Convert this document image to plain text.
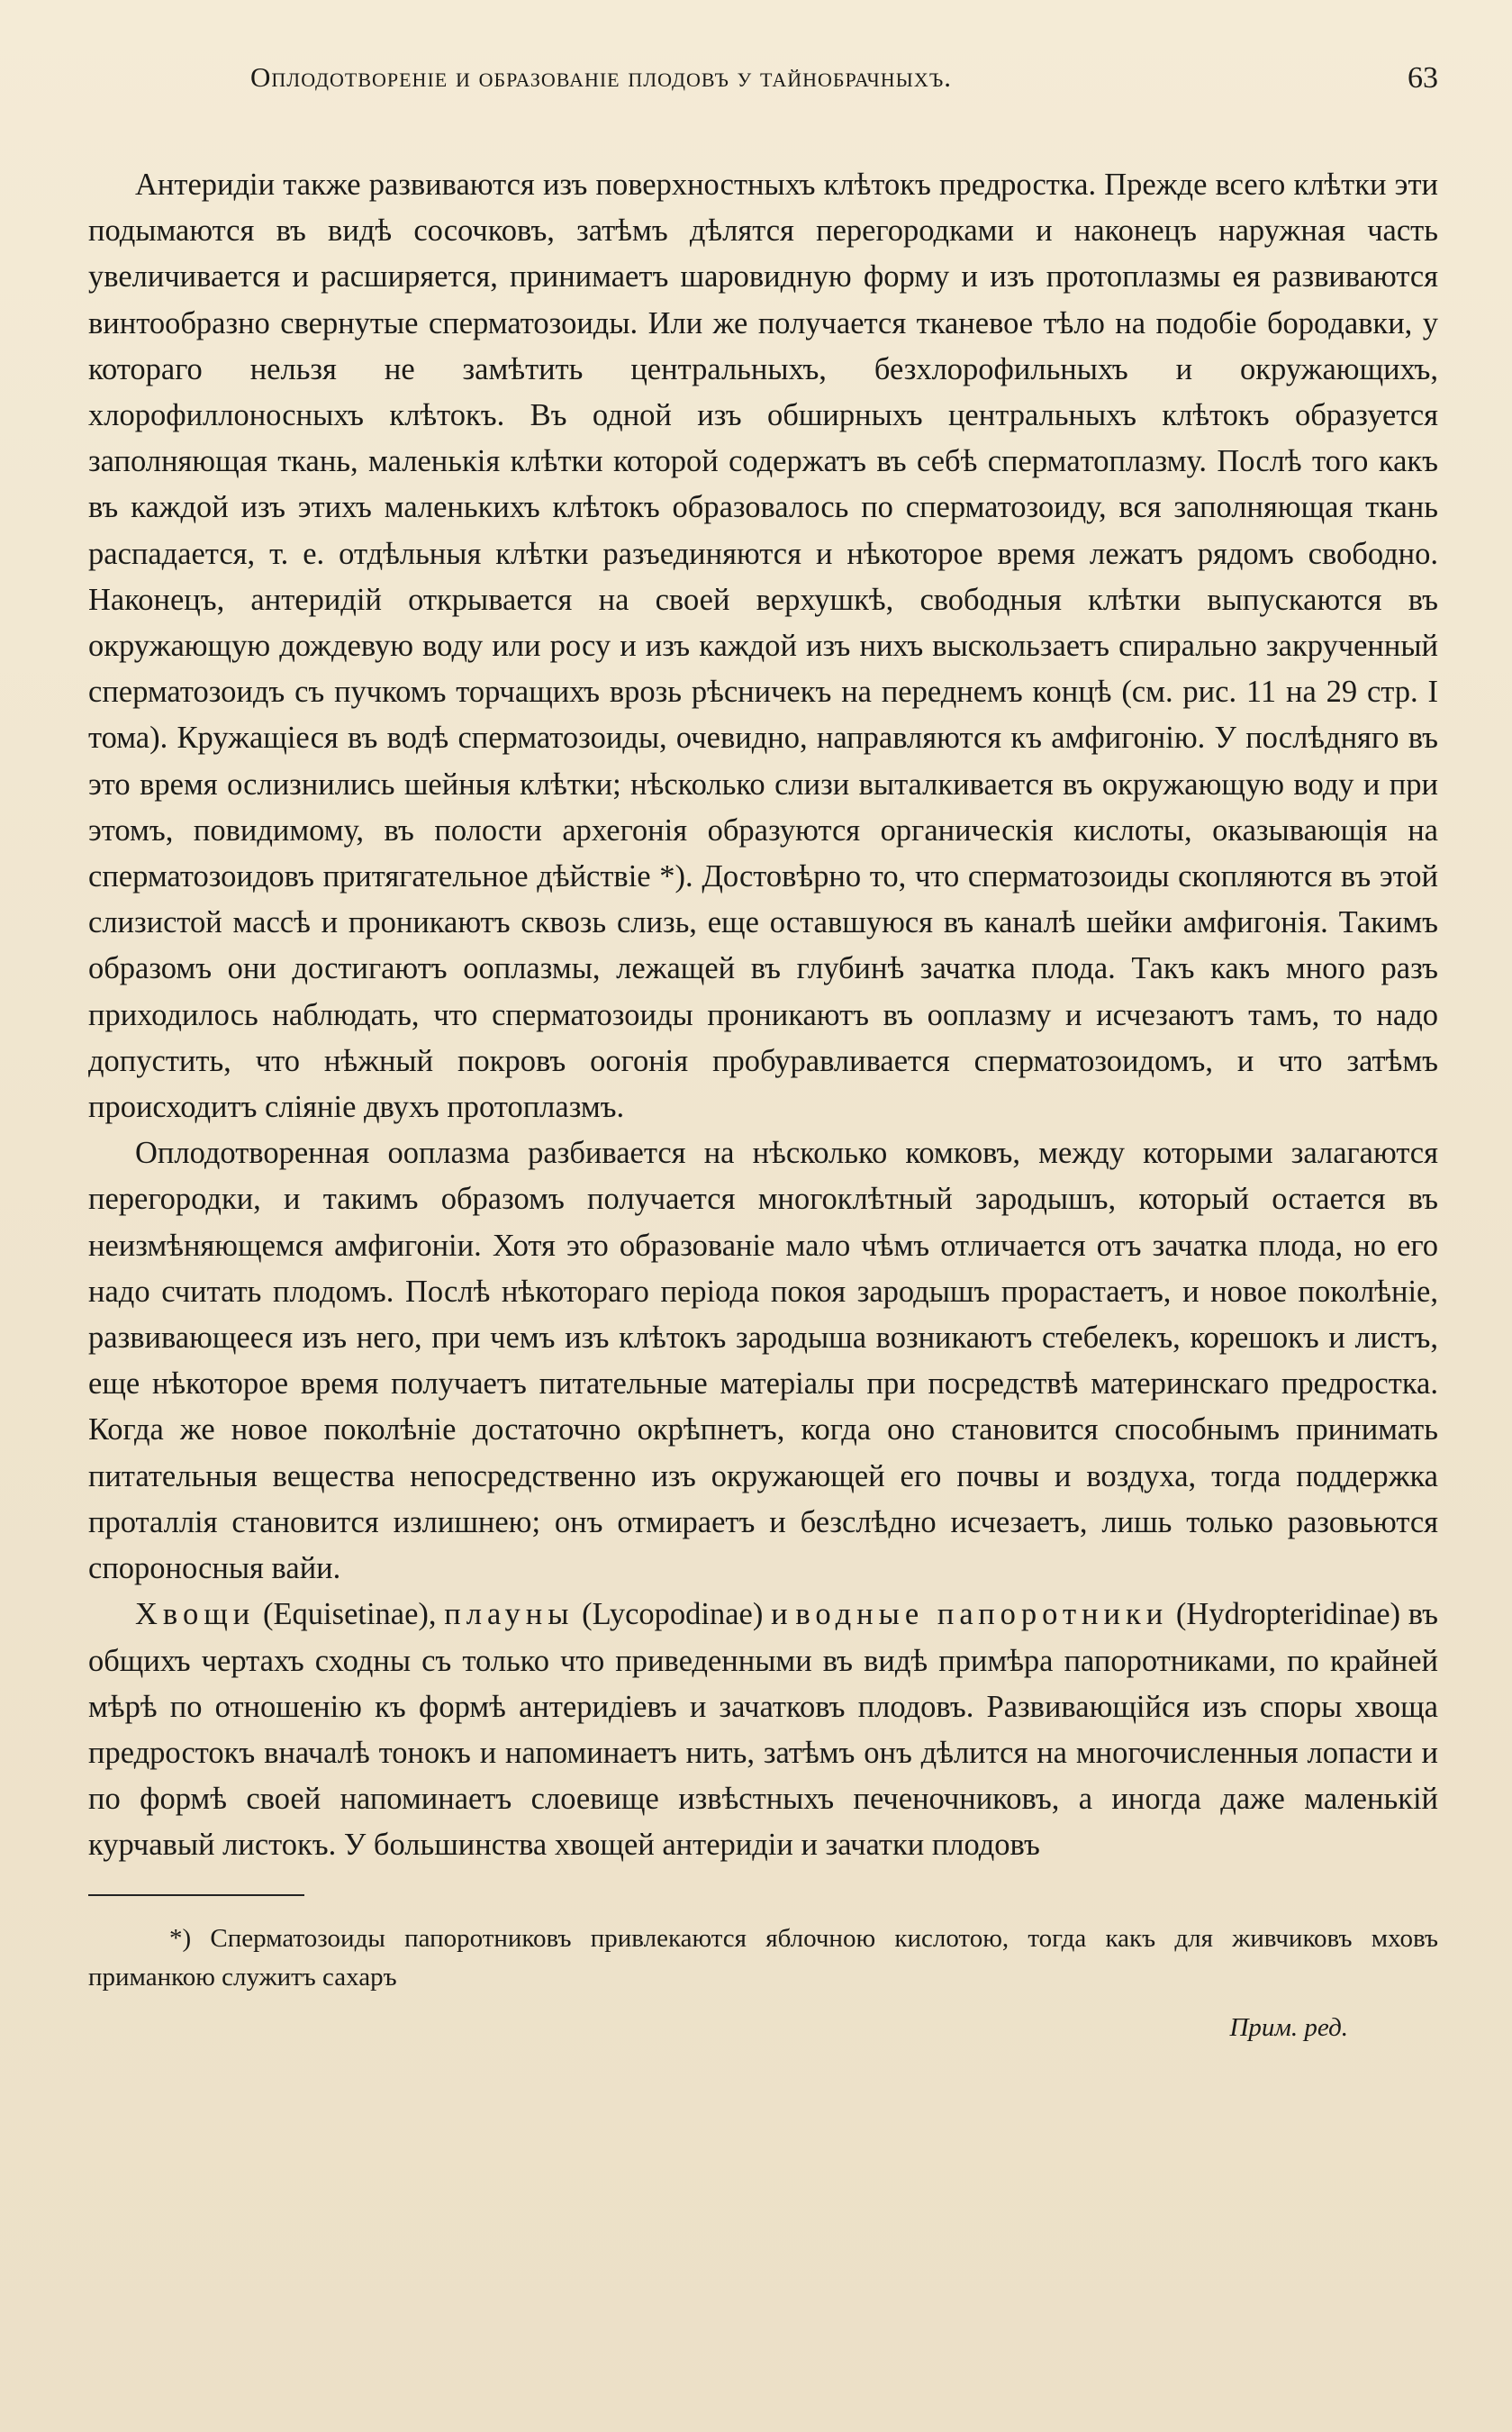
Оплодотвореніе и образованіе плодовъ у тайнобрачныхъ.	63

Антеридіи также развиваются изъ поверхностныхъ клѣтокъ предростка. Прежде всего клѣтки эти подымаются въ видѣ сосочковъ, затѣмъ дѣлятся перегородками и наконецъ наружная часть увеличивается и расширяется, принимаетъ шаровидную форму и изъ протоплазмы ея развиваются винтообразно свернутые сперматозоиды. Или же получается тканевое тѣло на подобіе бородавки, у котораго нельзя не замѣтить центральныхъ, безхлорофильныхъ и окружающихъ, хлорофиллоносныхъ клѣтокъ. Въ одной изъ обширныхъ центральныхъ клѣтокъ образуется заполняющая ткань, маленькія клѣтки которой содержатъ въ себѣ спермaтоплазму. Послѣ того какъ въ каждой изъ этихъ маленькихъ клѣтокъ образовалось по сперматозоиду, вся заполняющая ткань распадается, т. е. отдѣльныя клѣтки разъединяются и нѣкоторое время лежатъ рядомъ свободно. Наконецъ, антеридій открывается на своей верхушкѣ, свободныя клѣтки выпускаются въ окружающую дождевую воду или росу и изъ каждой изъ нихъ выскользаетъ спирально закрученный сперматозоидъ съ пучкомъ торчащихъ врозь рѣсничекъ на переднемъ концѣ (см. рис. 11 на 29 стр. I тома). Кружащіеся въ водѣ сперматозоиды, очевидно, направляются къ амфигонію. У послѣдняго въ это время ослизнились шейныя клѣтки; нѣсколько слизи выталкивается въ окружающую воду и при этомъ, повидимому, въ полости архегонія образуются органическія кислоты, оказывающія на сперматозоидовъ притягательное дѣйствіе *). Достовѣрно то, что сперматозоиды скопляются въ этой слизистой массѣ и проникаютъ сквозь слизь, еще оставшуюся въ каналѣ шейки амфигонія. Такимъ образомъ они достигаютъ ооплазмы, лежащей въ глубинѣ зачатка плода. Такъ какъ много разъ приходилось наблюдать, что сперматозоиды проникаютъ въ ооплазму и исчезаютъ тамъ, то надо допустить, что нѣжный покровъ оогонія пробуравливается сперматозоидомъ, и что затѣмъ происходитъ сліяніе двухъ протоплазмъ.

Оплодотворенная ооплазма разбивается на нѣсколько комковъ, между которыми залагаются перегородки, и такимъ образомъ получается многоклѣтный зародышъ, который остается въ неизмѣняющемся амфигоніи. Хотя это образованіе мало чѣмъ отличается отъ зачатка плода, но его надо считать плодомъ. Послѣ нѣкотораго періода покоя зародышъ прорастаетъ, и новое поколѣніе, развивающееся изъ него, при чемъ изъ клѣтокъ зародыша возникаютъ стебелекъ, корешокъ и листъ, еще нѣкоторое время получаетъ питательные матеріалы при посредствѣ материнскаго предростка. Когда же новое поколѣніе достаточно окрѣпнетъ, когда оно становится способнымъ принимать питательныя вещества непосредственно изъ окружающей его почвы и воздуха, тогда поддержка проталлія становится излишнею; онъ отмираетъ и безслѣдно исчезаетъ, лишь только разовьются спороносныя вайи.

Хвощи (Equisetinae), плауны (Lycopodinae) и водные папоротники (Hydropterіdinae) въ общихъ чертахъ сходны съ только что приведенными въ видѣ примѣра папоротниками, по крайней мѣрѣ по отношенію къ формѣ антеридіевъ и зачатковъ плодовъ. Развивающійся изъ споры хвоща предростокъ вначалѣ тонокъ и напоминаетъ нить, затѣмъ онъ дѣлится на многочисленныя лопасти и по формѣ своей напоминаетъ слоевище извѣстныхъ печеночниковъ, а иногда даже маленькій курчавый листокъ. У большинства хвощей антеридіи и зачатки плодовъ

*) Сперматозоиды папоротниковъ привлекаются яблочною кислотою, тогда какъ для живчиковъ мховъ приманкою служитъ сахаръ

Прим. ред.
